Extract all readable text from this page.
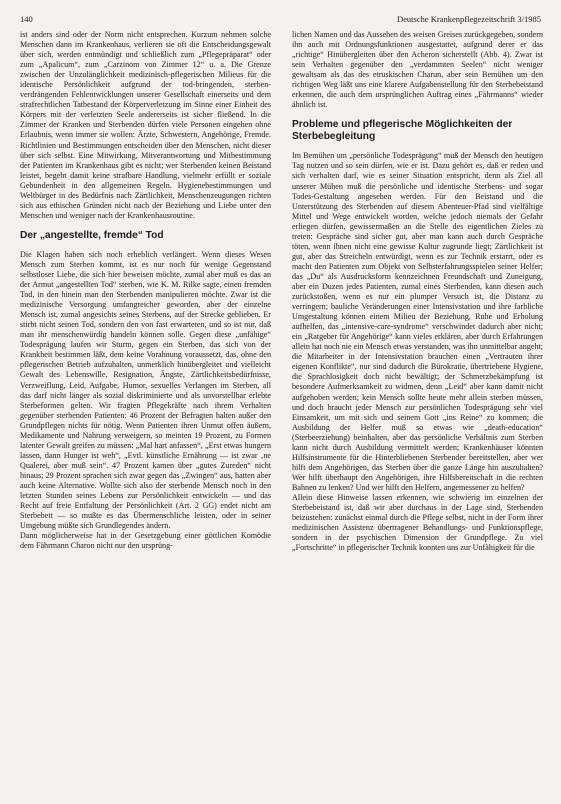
140	Deutsche Krankenpflegezeitschrift 3/1985

ist anders sind oder der Norm nicht entsprechen. Kurzum nehmen solche Menschen dann im Krankenhaus, verlieren sie oft die Entscheidungsgewalt über sich, werden entmündigt und schließlich zum „Pflegepräparat“ oder zum „Apalicum“, zum „Carzinom von Zimmer 12“ u. a. Die Grenze zwischen der Unzulänglichkeit medizinisch-pflegerischen Milieus für die identische Persönlichkeit aufgrund der tod-bringenden, sterben-verdrängenden Fehlentwicklungen unserer Gesellschaft einerseits und dem strafrechtlichen Tatbestand der Körperverletzung im Sinne einer Einheit des Körpers mit der verletzten Seele andererseits ist sicher fließend. In die Zimmer der Kranken und Sterbenden dürfen viele Personen eingehen ohne Erlaubnis, wenn immer sie wollen: Ärzte, Schwestern, Angehörige, Fremde. Richtlinien und Bestimmungen entscheiden über den Menschen, nicht dieser über sich selbst. Eine Mitwirkung, Mitverantwortung und Mitbestimmung der Patienten im Krankenhaus gibt es nicht; wer Sterbenden keinen Beistand leistet, begeht damit keine strafbare Handlung, vielmehr erfüllt er soziale Gebundenheit in den allgemeinen Regeln. Hygienebestimmungen und Weltbürger in des Bedürfnis nach Zärtlichkeit, Menschenzeugungen richten sich aus ethischen Gründen nicht nach der Beziehung und Liebe unter den Menschen und weniger nach der Krankenhausroutine.

Der „angestellte, fremde“ Tod

Die Klagen haben sich noch erheblich verlängert. Wenn dieses Wesen Mensch zum Sterben kommt, ist es nur noch für wenige Gegenstand selbstloser Liebe, die sich hier beweisen möchte, zumal aber muß es das an der Armut „angestellten Tod“ sterben, wie K. M. Rilke sagte, einen fremden Tod, in den hinein man den Sterbenden manipulieren möchte. Zwar ist die medizinische Versorgung umfangreicher geworden, aber der einzelne Mensch ist, zumal angesichts seines Sterbens, auf der Strecke geblieben. Er stirbt nicht seinen Tod, sondern den von fast erwarteten, und so ist nur, daß man ihr menschenwürdig handeln können solle. Gegen diese „unfähige“ Todesprägung laufen wir Sturm, gegen ein Sterben, das sich von der Krankheit bestimmen läßt, dem keine Vorahnung voraussetzt, das, ohne den pflegerischen Betrieb aufzuhalten, unmerklich hinübergleitet und vielleicht Gewalt des Lebenswille, Resignation, Ängste, Zärtlichkeitsbedürfnisse, Verzweiflung, Leid, Aufgabe, Humor, sexuelles Verlangen im Sterben, all das darf nicht länger als sozial diskriminierte und als unvorstellbar erlebte Sterbeformen gelten. Wir fragten Pflegekräfte nach ihrem Verhalten gegenüber sterbenden Patienten: 46 Prozent der Befragten halten außer den Grundpflegen nichts für nötig. Wenn Patienten ihren Unmut offen äußern, Medikamente und Nahrung verweigern, so meinten 19 Prozent, zu Formen latenter Gewalt greifen zu müssen: „Mal hart anfassen“, „Erst etwas hungern lassen, dann Hunger ist weh“, „Evtl. künstliche Ernährung — ist zwar ‚ne Qualerei, aber muß sein“. 47 Prozent kamen über „gutes Zureden“ nicht hinaus; 29 Prozent sprachen sich zwar gegen das „Zwingen“ aus, hatten aber auch keine Alternative. Wollte sich also der sterbende Mensch noch in den letzten Stunden seines Lebens zur Persönlichkeit entwickeln — und das Recht auf freie Entfaltung der Persönlichkeit (Art. 2 GG) endet nicht am Sterbebett — so mußte es das Übermenschliche leisten, oder in seiner Umgebung müßte sich Grundlegendes ändern.

Dann möglicherweise hat in der Gesetzgebung einer göttlichen Komödie dem Fährmann Charon nicht nur den ursprüng-

lichen Namen und das Aussehen des weisen Greises zurückgegeben, sondern ihn auch mit Ordnungsfunktionen ausgestattet, aufgrund derer er das „richtige“ Hinübergleiten über den Acheron sicherstellt (Abb. 4). Zwar ist sein Verhalten gegenüber den „verdammten Seelen“ nicht weniger gewaltsam als das des etruskischen Charun, aber sein Bemühen um den richtigen Weg läßt uns eine klarere Aufgabenstellung für den Sterbebeistand erkennen, die auch dem ursprünglichen Auftrag eines „Fährmanns“ wieder ähnlich ist.

Probleme und pflegerische Möglichkeiten der Sterbebegleitung

Im Bemühen um „persönliche Todesprägung“ muß der Mensch den heutigen Tag nutzen und so sein dürfen, wie er ist. Dazu gehört es, daß er reden und sich verhalten darf, wie es seiner Situation entspricht, denn als Ziel all unserer Mühen muß die persönliche und identische Sterbens- und sogar Todes-Gestaltung angesehen werden. Für den Beistand und die Unterstützung des Sterbenden auf diesem Abenteuer-Pfad sind vielfältige Mittel und Wege entwickelt worden, welche jedoch niemals der Gefahr erliegen dürfen, gewissermaßen an die Stelle des eigentlichen Zieles zu treten: Gespräche sind sicher gut, aber man kann auch durch Gespräche töten, wenn ihnen nicht eine gewisse Kultur zugrunde liegt; Zärtlichkeit ist gut, aber das Streicheln entwürdigt, wenn es zur Technik erstarrt, oder es macht den Patienten zum Objekt von Selbsterfahrungsspielen seiner Helfer; das „Du“ als Ausdrucksform kennzeichnen Freundschaft und Zuneigung, aber ein Duzen jedes Patienten, zumal eines Sterbenden, kann diesen auch zurückstoßen, wenn es nur ein plumper Versuch ist, die Distanz zu verringern; bauliche Veränderungen einer Intensivstation und ihre farbliche Umgestaltung können einem Milieu der Beziehung, Ruhe und Erholung aufhelfen, das „intensive-care-syndrome“ verschwindet dadurch aber nicht; ein „Ratgeber für Angehörige“ kann vieles erklären, aber durch Erfahrungen allein hat noch nie ein Mensch etwas verstanden, was ihn unmittelbar angeht; die Mitarbeiter in der Intensivstation brauchen einen „Vertrauten ihrer eigenen Konflikte“, nur sind dadurch die Bürokratie, übertriebene Hygiene, die Sprachlosigkeit doch nicht bewältigt; der Schmerzbekämpfung ist besondere Aufmerksamkeit zu widmen, denn „Leid“ aber kann damit nicht aufgehoben werden; kein Mensch sollte heute mehr allein sterben müssen, und doch braucht jeder Mensch zur persönlichen Todesprägung sehr viel Einsamkeit, um mit sich und seinem Gott „ins Reine“ zu kommen; die Ausbildung der Helfer muß so etwas wie „death-education“ (Sterbeerziehung) beinhalten, aber das persönliche Verhältnis zum Sterben kann nicht durch Ausbildung vermittelt werden; Krankenhäuser könnten Hilfsinstrumente für die Hinterbliebenen Sterbender bereitstellen, aber wer hilft dem Angehörigen, das Sterben über die ganze Länge hin auszuhalten? Wer hilft überhaupt den Angehörigen, ihre Hilfsbereitschaft in die rechten Bahnen zu lenken? Und wer hilft den Helfern, angemessener zu helfen?

Allein diese Hinweise lassen erkennen, wie schwierig im einzelnen der Sterbebeistand ist, daß wir aber durchaus in der Lage sind, Sterbenden beizustehen: zunächst einmal durch die Pflege selbst, nicht in der Form ihrer medizinischen Assistenz übertragener Behandlungs- und Funktionspflege, sondern in der psychischen Dimension der Grundpflege. Zu viel „Fortschritte“ in pflegerischer Technik konnten uns zur Unfähigkeit für die
